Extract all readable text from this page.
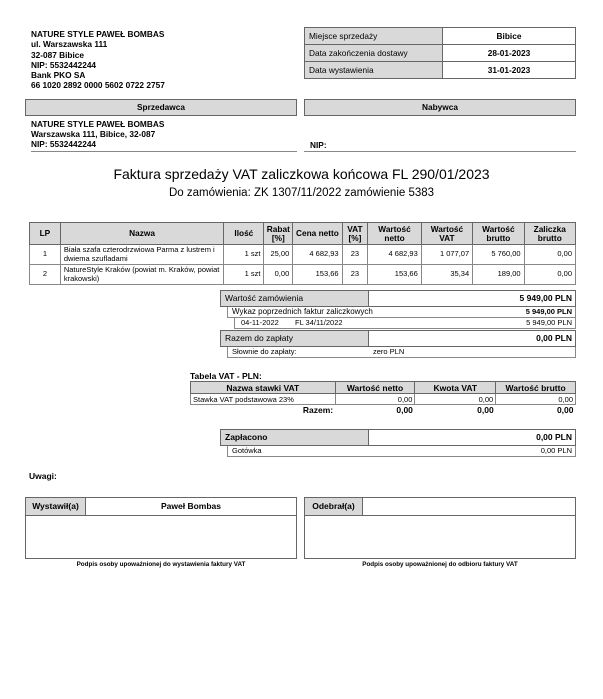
NATURE STYLE PAWEŁ BOMBAS
ul. Warszawska 111
32-087 Bibice
NIP: 5532442244
Bank PKO SA
66 1020 2892 0000 5602 0722 2757
Miejsce sprzedaży	Bibice
Data zakończenia dostawy	28-01-2023
Data wystawienia	31-01-2023
Sprzedawca	Nabywca
NATURE STYLE PAWEŁ BOMBAS
Warszawska 111, Bibice, 32-087
NIP: 5532442244	NIP:
Faktura sprzedaży VAT zaliczkowa końcowa FL 290/01/2023
Do zamówienia: ZK 1307/11/2022 zamówienie 5383
LP	Nazwa	Ilość	Rabat [%]	Cena netto	VAT [%]	Wartość netto	Wartość VAT	Wartość brutto	Zaliczka brutto
1	Biała szafa czterodrzwiowa Parma z lustrem i dwiema szufladami	1 szt	25,00	4 682,93	23	4 682,93	1 077,07	5 760,00	0,00
2	NatureStyle Kraków (powiat m. Kraków, powiat krakowski)	1 szt	0,00	153,66	23	153,66	35,34	189,00	0,00
Wartość zamówienia	5 949,00 PLN
Wykaz poprzednich faktur zaliczkowych	5 949,00 PLN
04-11-2022	FL 34/11/2022	5 949,00 PLN
Razem do zapłaty	0,00 PLN
Słownie do zapłaty:	zero PLN
Tabela VAT - PLN:
Nazwa stawki VAT	Wartość netto	Kwota VAT	Wartość brutto
Stawka VAT podstawowa 23%	0,00	0,00	0,00
Razem:	0,00	0,00	0,00
Zapłacono	0,00 PLN
Gotówka	0,00 PLN
Uwagi:
Wystawił(a)	Paweł Bombas	Odebrał(a)
Podpis osoby upoważnionej do wystawienia faktury VAT	Podpis osoby upoważnionej do odbioru faktury VAT
